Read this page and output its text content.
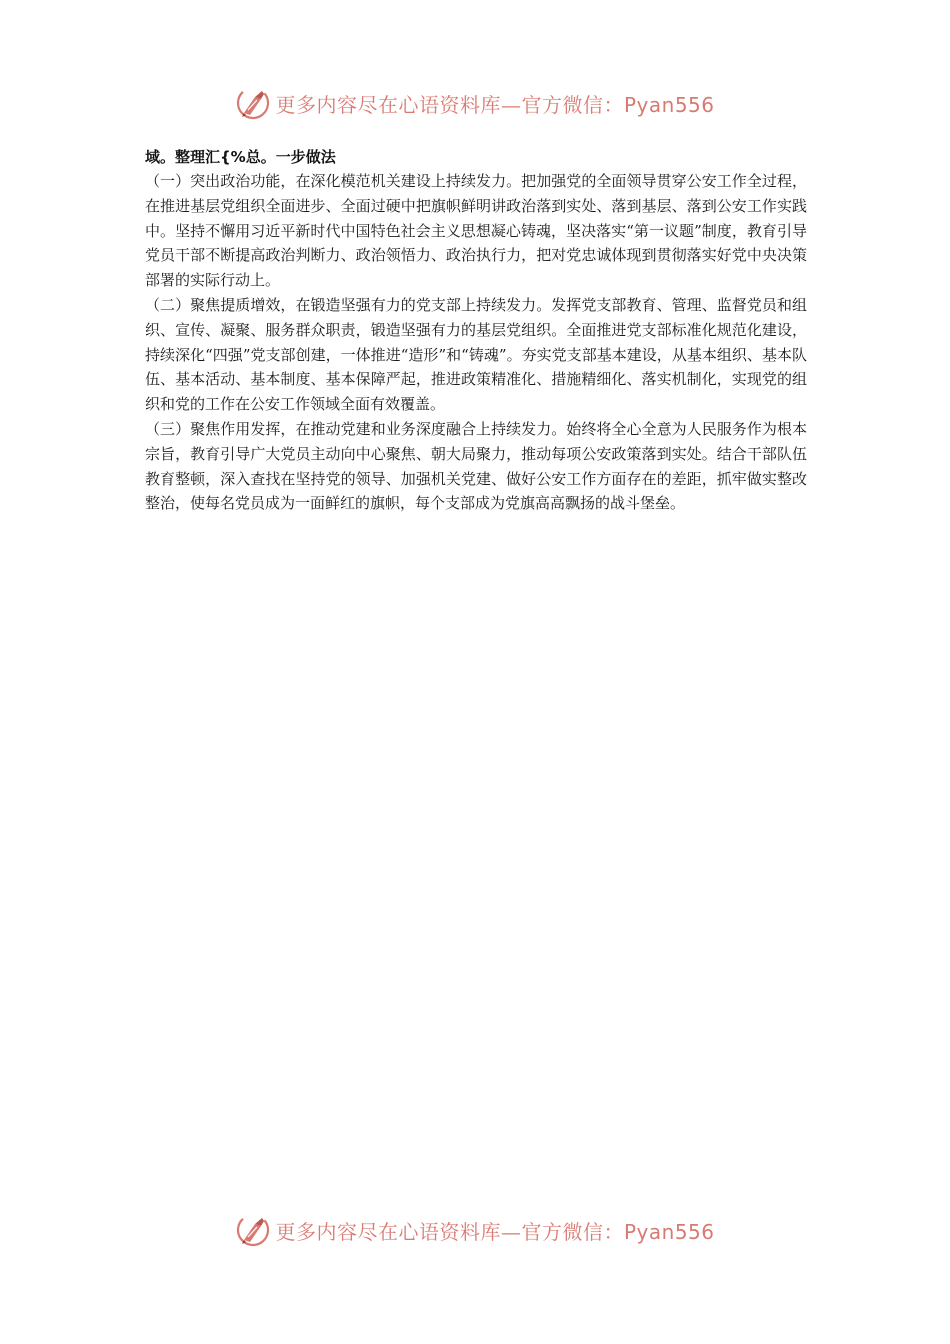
更多内容尽在心语资料库—官方微信：Pyan556

域。整理汇{%总。一步做法

（一）突出政治功能，在深化模范机关建设上持续发力。把加强党的全面领导贯穿公安工作全过程，在推进基层党组织全面进步、全面过硬中把旗帜鲜明讲政治落到实处、落到基层、落到公安工作实践中。坚持不懈用习近平新时代中国特色社会主义思想凝心铸魂，坚决落实“第一议题”制度，教育引导党员干部不断提高政治判断力、政治领悟力、政治执行力，把对党忠诚体现到贯彻落实好党中央决策部署的实际行动上。

（二）聚焦提质增效，在锻造坚强有力的党支部上持续发力。发挥党支部教育、管理、监督党员和组织、宣传、凝聚、服务群众职责，锻造坚强有力的基层党组织。全面推进党支部标准化规范化建设，持续深化“四强”党支部创建，一体推进“造形”和“铸魂”。夯实党支部基本建设，从基本组织、基本队伍、基本活动、基本制度、基本保障严起，推进政策精准化、措施精细化、落实机制化，实现党的组织和党的工作在公安工作领域全面有效覆盖。

（三）聚焦作用发挥，在推动党建和业务深度融合上持续发力。始终将全心全意为人民服务作为根本宗旨，教育引导广大党员主动向中心聚焦、朝大局聚力，推动每项公安政策落到实处。结合干部队伍教育整顿，深入查找在坚持党的领导、加强机关党建、做好公安工作方面存在的差距，抓牢做实整改整治，使每名党员成为一面鲜红的旗帜，每个支部成为党旗高高飘扬的战斗堡垒。

更多内容尽在心语资料库—官方微信：Pyan556
